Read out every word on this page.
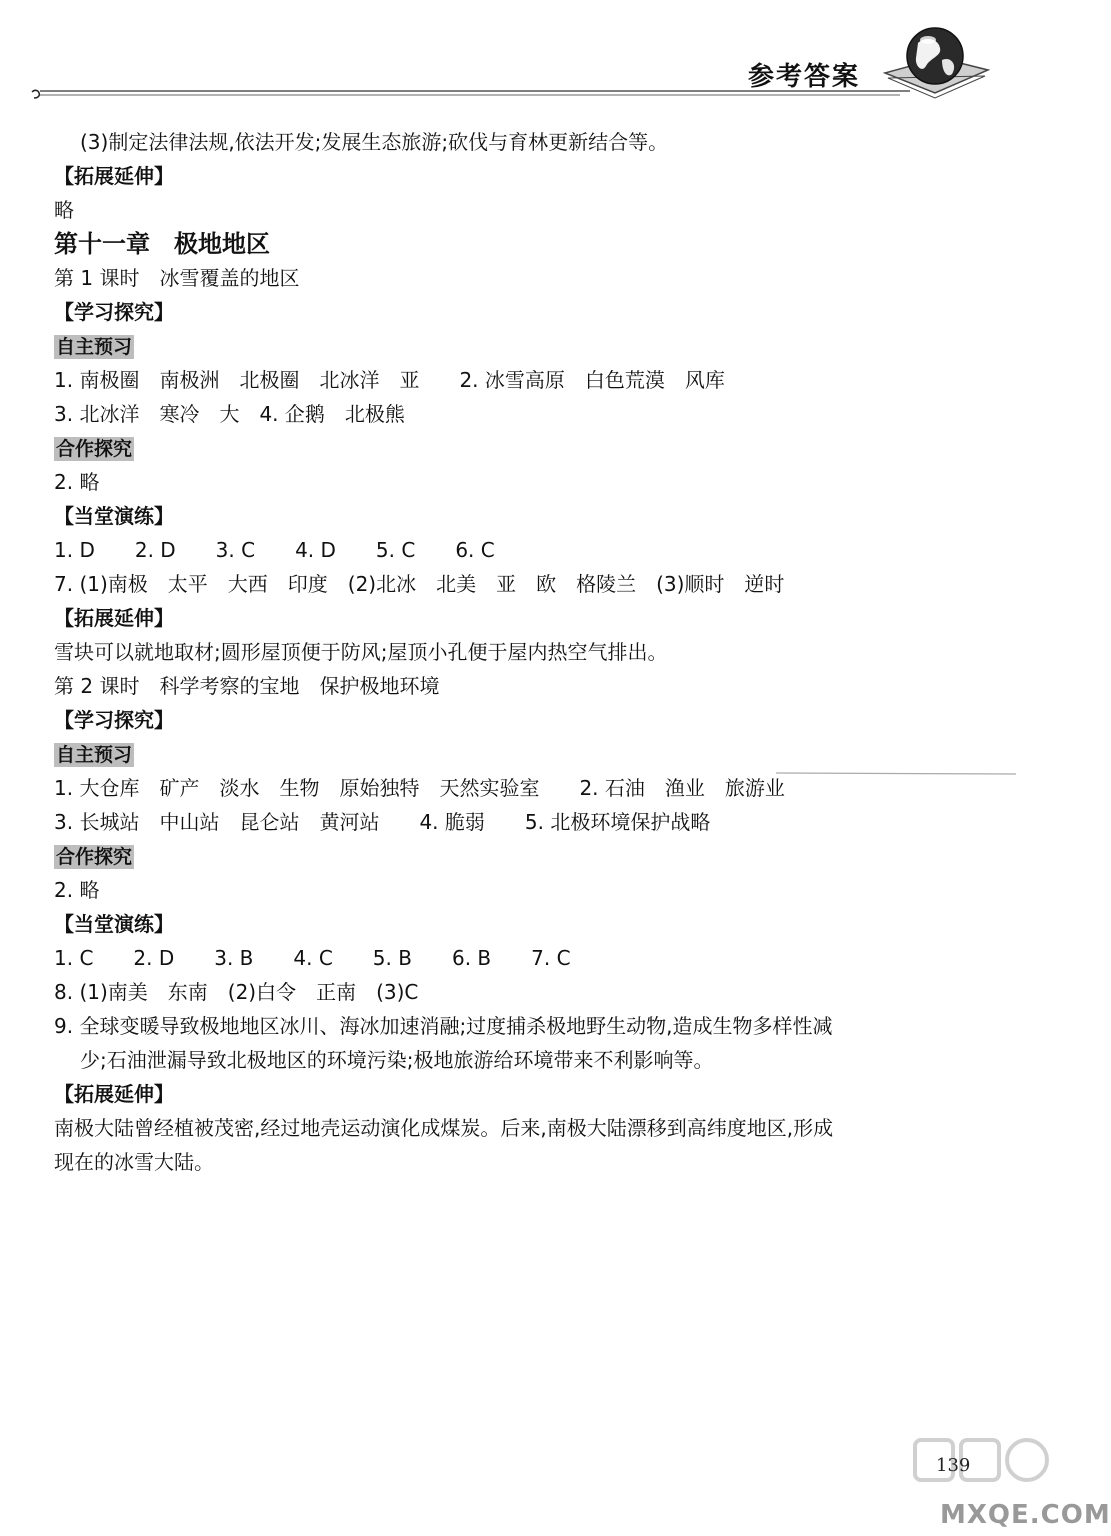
参考答案
(3)制定法律法规,依法开发;发展生态旅游;砍伐与育林更新结合等。
【拓展延伸】
略
第十一章　极地地区
第 1 课时　冰雪覆盖的地区
【学习探究】
自主预习
1. 南极圈　南极洲　北极圈　北冰洋　亚　　2. 冰雪高原　白色荒漠　风库
3. 北冰洋　寒冷　大　4. 企鹅　北极熊
合作探究
2. 略
【当堂演练】
1. D　　2. D　　3. C　　4. D　　5. C　　6. C
7. (1)南极　太平　大西　印度　(2)北冰　北美　亚　欧　格陵兰　(3)顺时　逆时
【拓展延伸】
雪块可以就地取材;圆形屋顶便于防风;屋顶小孔便于屋内热空气排出。
第 2 课时　科学考察的宝地　保护极地环境
【学习探究】
自主预习
1. 大仓库　矿产　淡水　生物　原始独特　天然实验室　　2. 石油　渔业　旅游业
3. 长城站　中山站　昆仑站　黄河站　　4. 脆弱　　5. 北极环境保护战略
合作探究
2. 略
【当堂演练】
1. C　　2. D　　3. B　　4. C　　5. B　　6. B　　7. C
8. (1)南美　东南　(2)白令　正南　(3)C
9. 全球变暖导致极地地区冰川、海冰加速消融;过度捕杀极地野生动物,造成生物多样性减
少;石油泄漏导致北极地区的环境污染;极地旅游给环境带来不利影响等。
【拓展延伸】
南极大陆曾经植被茂密,经过地壳运动演化成煤炭。后来,南极大陆漂移到高纬度地区,形成
现在的冰雪大陆。
139
MXQE.COM
